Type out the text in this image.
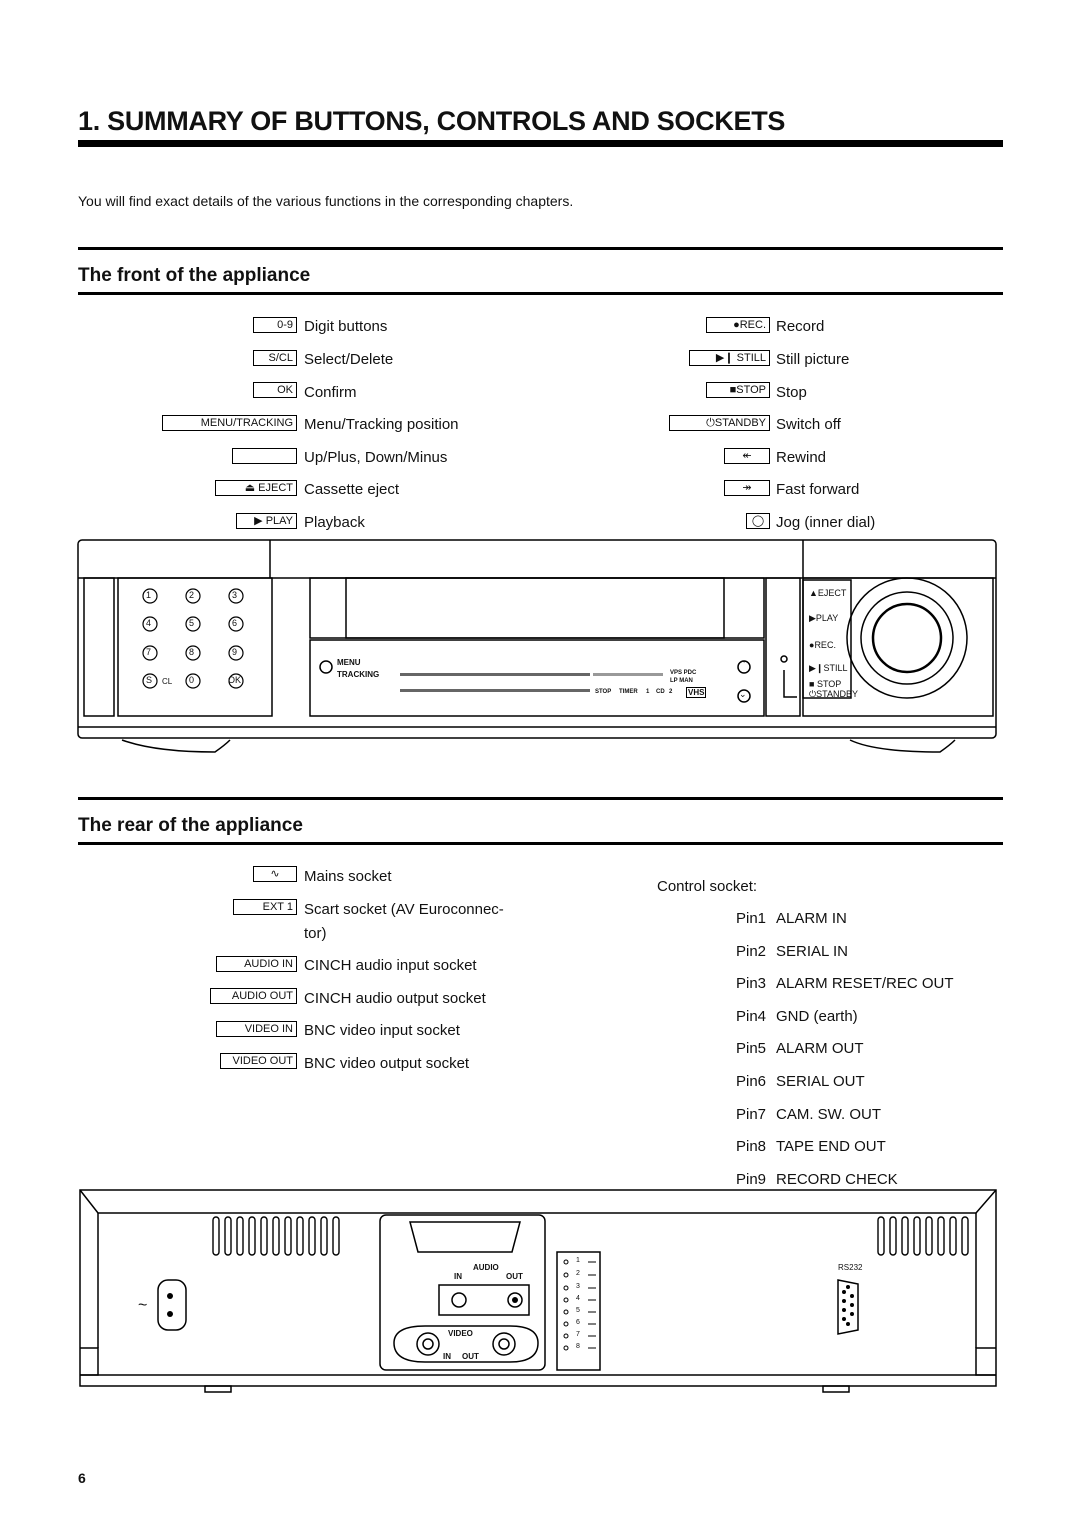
1. SUMMARY OF BUTTONS, CONTROLS AND SOCKETS
You will find exact details of the various functions in the corresponding chapters.
The front of the appliance
0-9 Digit buttons
S/CL Select/Delete
OK Confirm
MENU/TRACKING Menu/Tracking position
Up/Plus, Down/Minus
⏏ EJECT Cassette eject
▶ PLAY Playback
●REC. Record
▶❙ STILL Still picture
■STOP Stop
⏻STANDBY Switch off
↞	Rewind
↠	Fast forward
◯ Jog (inner dial)
1	2	3
4	5	6
7	8	9
S CL 0	OK
MENU
TRACKING	VPS PDC
LP MAN
STOP TIMER 1 CD 2 VHS
⌃
⌄
▲EJECT
▶PLAY
●REC.
▶❙STILL
■ STOP
⏻STANDBY
The rear of the appliance
∿	Mains socket
EXT 1 Scart socket (AV Euroconnec-
tor)
AUDIO IN CINCH audio input socket
AUDIO OUT CINCH audio output socket
VIDEO IN BNC video input socket
VIDEO OUT BNC video output socket
Control socket:
Pin1 ALARM IN
Pin2 SERIAL IN
Pin3 ALARM RESET/REC OUT
Pin4 GND (earth)
Pin5 ALARM OUT
Pin6 SERIAL OUT
Pin7 CAM. SW. OUT
Pin8 TAPE END OUT
Pin9 RECORD CHECK
AUDIO
IN	OUT
VIDEO
IN OUT
RS232
~
1
2
3
4
5
6
7
8
6
